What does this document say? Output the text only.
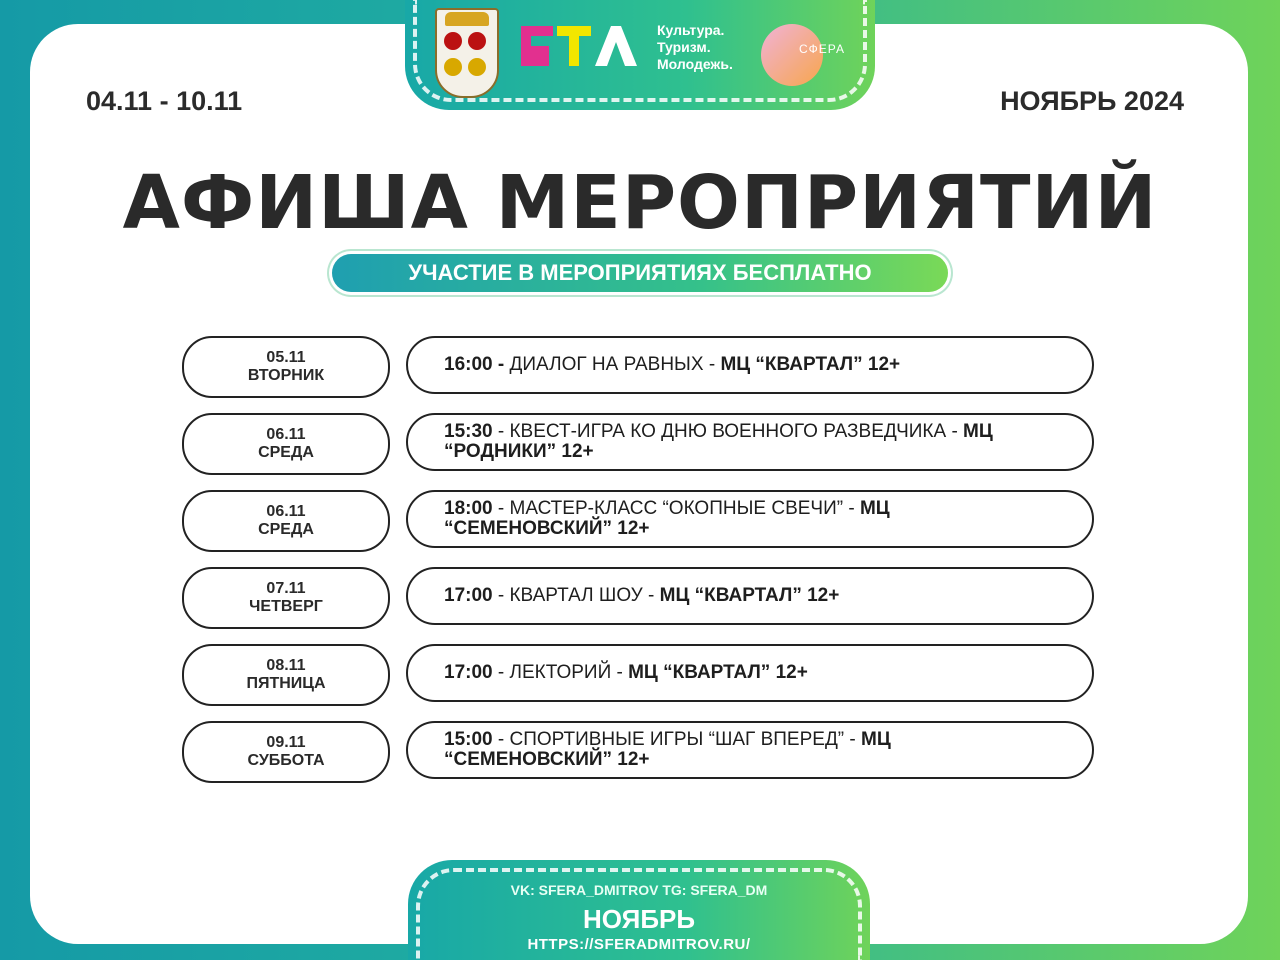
Культура.
Туризм.
Молодежь.
СФЕРА
04.11 - 10.11	НОЯБРЬ 2024
АФИША МЕРОПРИЯТИЙ
УЧАСТИЕ В МЕРОПРИЯТИЯХ БЕСПЛАТНО
05.11
ВТОРНИК
16:00 - ДИАЛОГ НА РАВНЫХ - МЦ “КВАРТАЛ” 12+
06.11
СРЕДА
15:30 - КВЕСТ-ИГРА КО ДНЮ ВОЕННОГО РАЗВЕДЧИКА - МЦ “РОДНИКИ” 12+
06.11
СРЕДА
18:00 - МАСТЕР-КЛАСС “ОКОПНЫЕ СВЕЧИ” - МЦ “СЕМЕНОВСКИЙ” 12+
07.11
ЧЕТВЕРГ
17:00 - КВАРТАЛ ШОУ - МЦ “КВАРТАЛ” 12+
08.11
ПЯТНИЦА
17:00 - ЛЕКТОРИЙ - МЦ “КВАРТАЛ” 12+
09.11
СУББОТА
15:00 - СПОРТИВНЫЕ ИГРЫ “ШАГ ВПЕРЕД” - МЦ “СЕМЕНОВСКИЙ” 12+
VK: SFERA_DMITROV TG: SFERA_DM
НОЯБРЬ
HTTPS://SFERADMITROV.RU/
